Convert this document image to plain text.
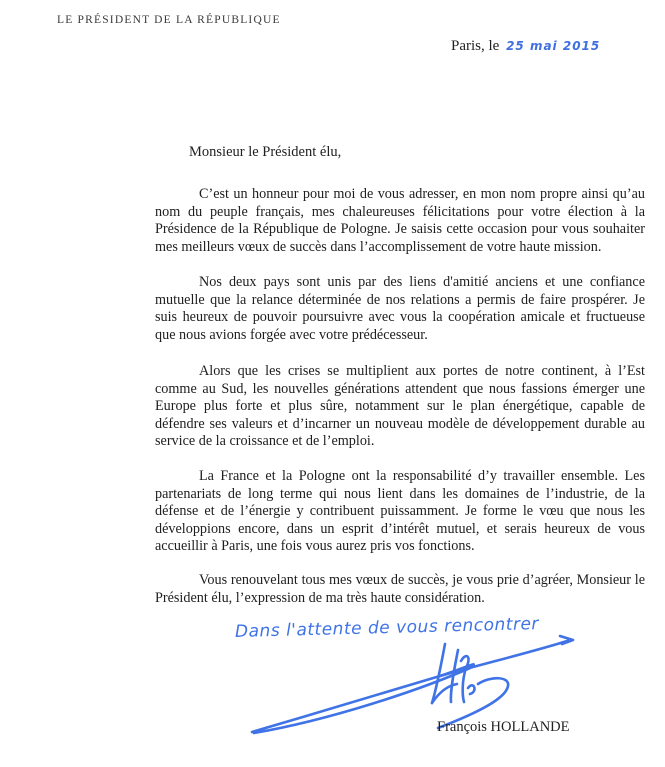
LE PRÉSIDENT DE LA RÉPUBLIQUE
Paris, le 25 mai 2015
Monsieur le Président élu,

C’est un honneur pour moi de vous adresser, en mon nom propre ainsi qu’au nom du peuple français, mes chaleureuses félicitations pour votre élection à la Présidence de la République de Pologne. Je saisis cette occasion pour vous souhaiter mes meilleurs vœux de succès dans l’accomplissement de votre haute mission.

Nos deux pays sont unis par des liens d'amitié anciens et une confiance mutuelle que la relance déterminée de nos relations a permis de faire prospérer. Je suis heureux de pouvoir poursuivre avec vous la coopération amicale et fructueuse que nous avions forgée avec votre prédécesseur.

Alors que les crises se multiplient aux portes de notre continent, à l’Est comme au Sud, les nouvelles générations attendent que nous fassions émerger une Europe plus forte et plus sûre, notamment sur le plan énergétique, capable de défendre ses valeurs et d’incarner un nouveau modèle de développement durable au service de la croissance et de l’emploi.

La France et la Pologne ont la responsabilité d’y travailler ensemble. Les partenariats de long terme qui nous lient dans les domaines de l’industrie, de la défense et de l’énergie y contribuent puissamment. Je forme le vœu que nous les développions encore, dans un esprit d’intérêt mutuel, et serais heureux de vous accueillir à Paris, une fois vous aurez pris vos fonctions.

Vous renouvelant tous mes vœux de succès, je vous prie d’agréer, Monsieur le Président élu, l’expression de ma très haute considération.

Dans l'attente de vous rencontrer
François HOLLANDE
